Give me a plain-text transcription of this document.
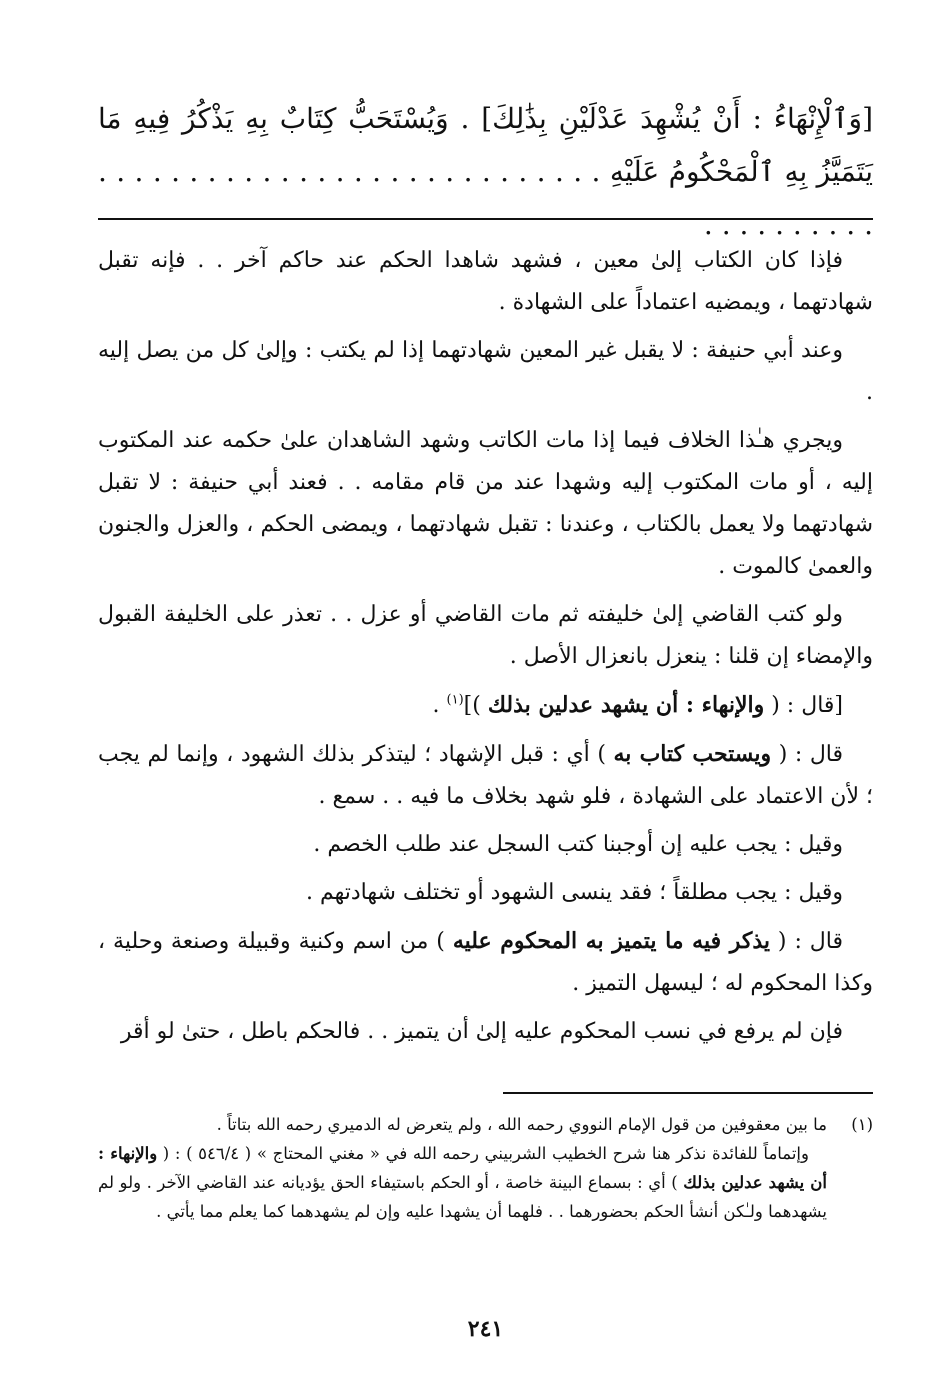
[وَٱلْإِنْهَاءُ : أَنْ يُشْهِدَ عَدْلَيْنِ بِذَٰلِكَ] . وَيُسْتَحَبُّ كِتَابٌ بِهِ يَذْكُرُ فِيهِ مَا يَتَمَيَّزُ بِهِ ٱلْمَحْكُومُ عَلَيْهِ . . . . . . . . . . . . . . . . . . . . . . . . . . . . . . . . . . . . . .

فإذا كان الكتاب إلىٰ معين ، فشهد شاهدا الحكم عند حاكم آخر . . فإنه تقبل شهادتهما ، ويمضيه اعتماداً على الشهادة .

وعند أبي حنيفة : لا يقبل غير المعين شهادتهما إذا لم يكتب : وإلىٰ كل من يصل إليه .

ويجري هـٰذا الخلاف فيما إذا مات الكاتب وشهد الشاهدان علىٰ حكمه عند المكتوب إليه ، أو مات المكتوب إليه وشهدا عند من قام مقامه . . فعند أبي حنيفة : لا تقبل شهادتهما ولا يعمل بالكتاب ، وعندنا : تقبل شهادتهما ، ويمضى الحكم ، والعزل والجنون والعمىٰ كالموت .

ولو كتب القاضي إلىٰ خليفته ثم مات القاضي أو عزل . . تعذر على الخليفة القبول والإمضاء إن قلنا : ينعزل بانعزال الأصل .

[قال : ( والإنهاء : أن يشهد عدلين بذلك )]$^{(١)}$ .

قال : ( ويستحب كتاب به ) أي : قبل الإشهاد ؛ ليتذكر بذلك الشهود ، وإنما لم يجب ؛ لأن الاعتماد على الشهادة ، فلو شهد بخلاف ما فيه . . سمع .

وقيل : يجب عليه إن أوجبنا كتب السجل عند طلب الخصم .

وقيل : يجب مطلقاً ؛ فقد ينسى الشهود أو تختلف شهادتهم .

قال : ( يذكر فيه ما يتميز به المحكوم عليه ) من اسم وكنية وقبيلة وصنعة وحلية ، وكذا المحكوم له ؛ ليسهل التميز .

فإن لم يرفع في نسب المحكوم عليه إلىٰ أن يتميز . . فالحكم باطل ، حتىٰ لو أقر

(١)

ما بين معقوفين من قول الإمام النووي رحمه الله ، ولم يتعرض له الدميري رحمه الله بتاتاً .

وإتماماً للفائدة نذكر هنا شرح الخطيب الشربيني رحمه الله في « مغني المحتاج » ( ٥٤٦/٤ ) : ( والإنهاء : أن يشهد عدلين بذلك ) أي : بسماع البينة خاصة ، أو الحكم باستيفاء الحق يؤديانه عند القاضي الآخر . ولو لم يشهدهما ولـٰكن أنشأ الحكم بحضورهما . . فلهما أن يشهدا عليه وإن لم يشهدهما كما يعلم مما يأتي .

٢٤١
